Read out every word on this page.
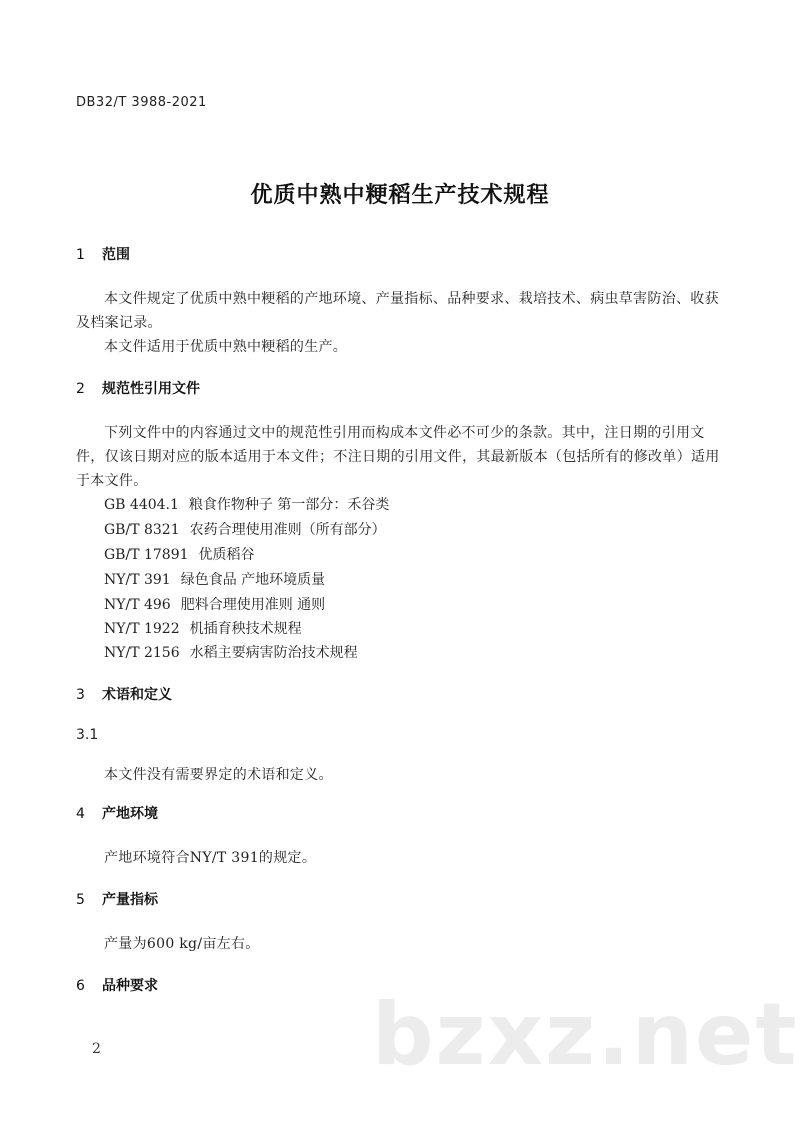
DB32/T 3988-2021
优质中熟中粳稻生产技术规程
1 范围
本文件规定了优质中熟中粳稻的产地环境、产量指标、品种要求、栽培技术、病虫草害防治、收获及档案记录。
本文件适用于优质中熟中粳稻的生产。
2 规范性引用文件
下列文件中的内容通过文中的规范性引用而构成本文件必不可少的条款。其中，注日期的引用文件，仅该日期对应的版本适用于本文件；不注日期的引用文件，其最新版本（包括所有的修改单）适用于本文件。
GB 4404.1 粮食作物种子 第一部分：禾谷类
GB/T 8321 农药合理使用准则（所有部分）
GB/T 17891 优质稻谷
NY/T 391 绿色食品 产地环境质量
NY/T 496 肥料合理使用准则 通则
NY/T 1922 机插育秧技术规程
NY/T 2156 水稻主要病害防治技术规程
3 术语和定义
3.1
本文件没有需要界定的术语和定义。
4 产地环境
产地环境符合NY/T 391的规定。
5 产量指标
产量为600 kg/亩左右。
6 品种要求 bzxz.net
2
